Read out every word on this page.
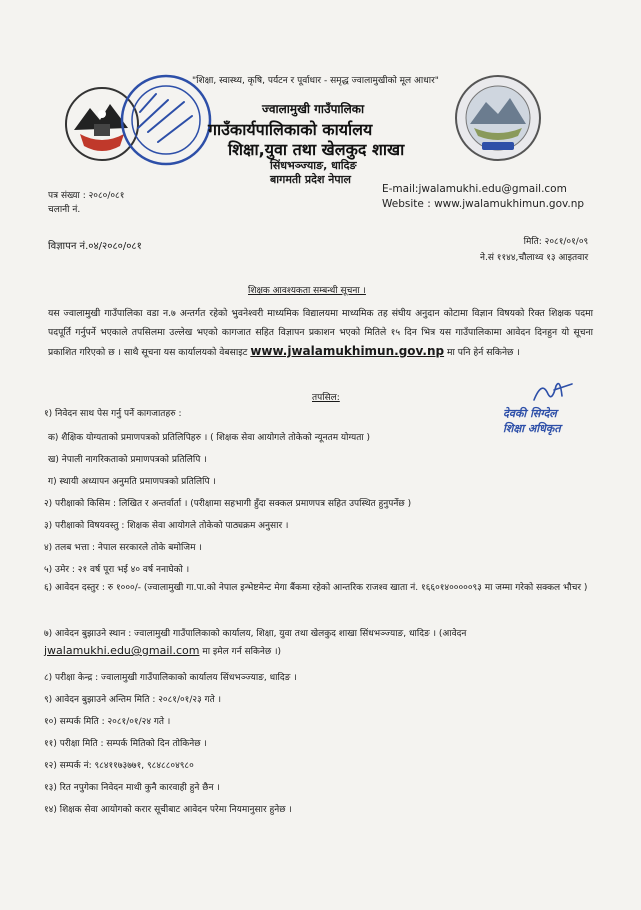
"शिक्षा, स्वास्थ्य, कृषि, पर्यटन र पूर्वाधार - समृद्ध ज्वालामुखीको मूल आधार"
ज्वालामुखी गाउँपालिका
गाउँकार्यपालिकाको कार्यालय
शिक्षा,युवा तथा खेलकुद शाखा
सिंधभञ्ज्याङ, धादिङ
बागमती प्रदेश नेपाल
E-mail:jwalamukhi.edu@gmail.com
Website : www.jwalamukhimun.gov.np
पत्र संख्या : २०८०/०८१
चलानी नं.
विज्ञापन नं.०४/२०८०/०८१	मिति: २०८१/०१/०९
ने.सं ११४४,चौलाथ्व १३ आइतवार
शिक्षक आवश्यकता सम्बन्धी सूचना ।
यस ज्वालामुखी गाउँपालिका वडा न.७ अन्तर्गत रहेको भुवनेश्वरी माध्यमिक विद्यालयमा माध्यमिक तह संघीय अनुदान कोटामा विज्ञान विषयको रिक्त शिक्षक पदमा पदपूर्ति गर्नुपर्ने भएकाले तपसिलमा उल्लेख भएको कागजात सहित विज्ञापन प्रकाशन भएको मितिले १५ दिन भित्र यस गाउँपालिकामा आवेदन दिनहुन यो सूचना प्रकाशित गरिएको छ । साथै सूचना यस कार्यालयको वेबसाइट www.jwalamukhimun.gov.np मा पनि हेर्न सकिनेछ ।
देवकी सिग्देल
शिक्षा अधिकृत
तपसिल:
१) निवेदन साथ पेस गर्नु पर्ने कागजातहरु :
क) शैक्षिक योग्यताको प्रमाणपत्रको प्रतिलिपिहरु । ( शिक्षक सेवा आयोगले तोकेको न्यूनतम योग्यता )
ख) नेपाली नागरिकताको प्रमाणपत्रको प्रतिलिपि ।
ग) स्थायी अध्यापन अनुमति प्रमाणपत्रको प्रतिलिपि ।
२) परीक्षाको किसिम : लिखित र अन्तर्वार्ता । (परीक्षामा सहभागी हुँदा सक्कल प्रमाणपत्र सहित उपस्थित हुनुपर्नेछ )
३) परीक्षाको विषयवस्तु : शिक्षक सेवा आयोगले तोकेको पाठ्यक्रम अनुसार ।
४) तलब भत्ता : नेपाल सरकारले तोके बमोजिम ।
५) उमेर : २१ वर्ष पूरा भई ४० वर्ष ननाघेको ।
६) आवेदन दस्तुर : रु १०००/- (ज्वालामुखी गा.पा.को नेपाल इन्भेष्टमेन्ट मेगा बैंकमा रहेको आन्तरिक राजश्व खाता नं. १६६०१४०००००९३ मा जम्मा गरेको सक्कल भौचर )
७) आवेदन बुझाउने स्थान : ज्वालामुखी गाउँपालिकाको कार्यालय, शिक्षा, युवा तथा खेलकुद शाखा सिंधभञ्ज्याङ, धादिङ । (आवेदन
jwalamukhi.edu@gmail.com मा इमेल गर्न सकिनेछ ।)
८) परीक्षा केन्द्र : ज्वालामुखी गाउँपालिकाको कार्यालय सिंधभञ्ज्याङ, धादिङ ।
९) आवेदन बुझाउने अन्तिम मिति : २०८१/०१/२३ गते ।
१०) सम्पर्क मिति : २०८१/०१/२४ गते ।
११) परीक्षा मिति : सम्पर्क मितिको दिन तोकिनेछ ।
१२) सम्पर्क नं: ९८४११७३७७१, ९८४८८०४९८०
१३) रित नपुगेका निवेदन माथी कुनै कारवाही हुने छैन ।
१४) शिक्षक सेवा आयोगको करार सूचीबाट आवेदन परेमा नियमानुसार हुनेछ ।
